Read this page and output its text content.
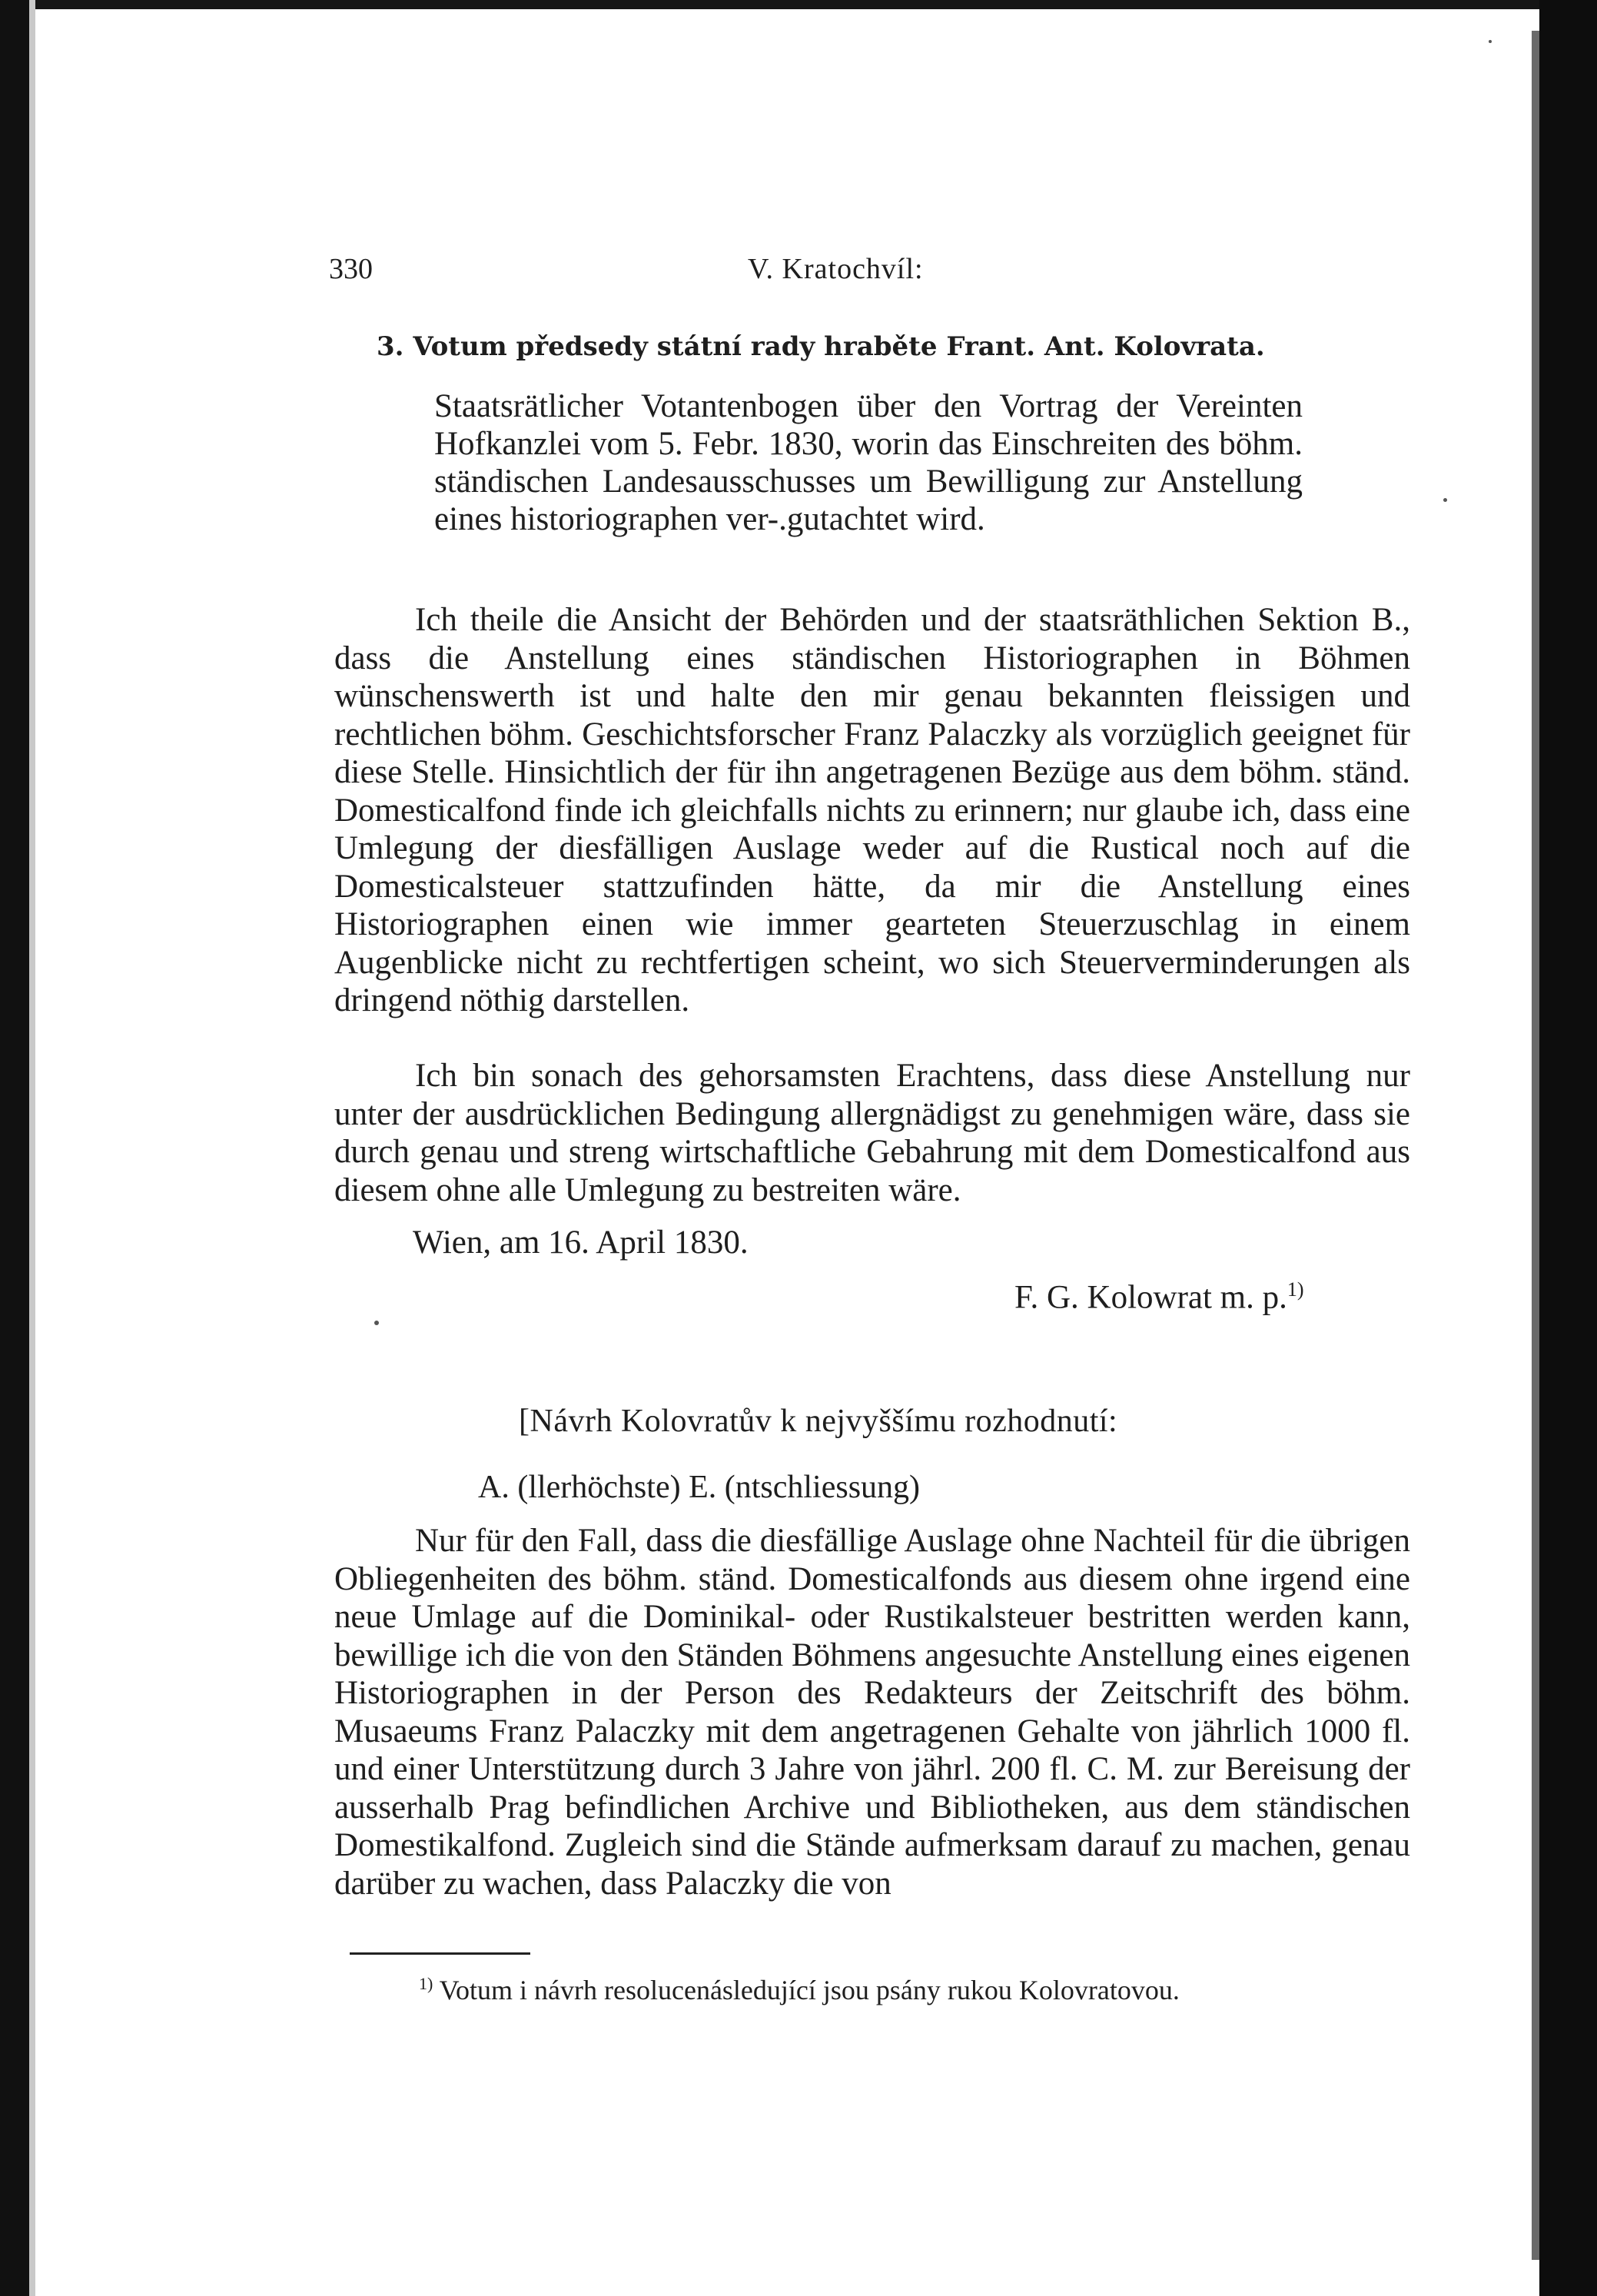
330	V. Kratochvíl:
3. Votum předsedy státní rady hraběte Frant. Ant. Kolovrata.
Staatsrätlicher Votantenbogen über den Vortrag der Vereinten Hofkanzlei vom 5. Febr. 1830, worin das Einschreiten des böhm. ständischen Landesausschusses um Bewilligung zur Anstellung eines historiographen ver-.gutachtet wird.

Ich theile die Ansicht der Behörden und der staatsräthlichen Sektion B., dass die Anstellung eines ständischen Historiographen in Böhmen wünschenswerth ist und halte den mir genau bekannten fleissigen und rechtlichen böhm. Geschichtsforscher Franz Palaczky als vorzüglich geeignet für diese Stelle. Hinsichtlich der für ihn angetragenen Bezüge aus dem böhm. ständ. Domesticalfond finde ich gleichfalls nichts zu erinnern; nur glaube ich, dass eine Umlegung der diesfälligen Auslage weder auf die Rustical noch auf die Domesticalsteuer stattzufinden hätte, da mir die Anstellung eines Historiographen einen wie immer gearteten Steuerzuschlag in einem Augenblicke nicht zu rechtfertigen scheint, wo sich Steuerverminderungen als dringend nöthig darstellen.

Ich bin sonach des gehorsamsten Erachtens, dass diese Anstellung nur unter der ausdrücklichen Bedingung allergnädigst zu genehmigen wäre, dass sie durch genau und streng wirtschaftliche Gebahrung mit dem Domesticalfond aus diesem ohne alle Umlegung zu bestreiten wäre.

Wien, am 16. April 1830.
F. G. Kolowrat m. p.$^{1)}$
[Návrh Kolovratův k nejvyššímu rozhodnutí:
A. (llerhöchste) E. (ntschliessung)

Nur für den Fall, dass die diesfällige Auslage ohne Nachteil für die übrigen Obliegenheiten des böhm. ständ. Domesticalfonds aus diesem ohne irgend eine neue Umlage auf die Dominikal- oder Rustikalsteuer bestritten werden kann, bewillige ich die von den Ständen Böhmens angesuchte Anstellung eines eigenen Historiographen in der Person des Redakteurs der Zeitschrift des böhm. Musaeums Franz Palaczky mit dem angetragenen Gehalte von jährlich 1000 fl. und einer Unterstützung durch 3 Jahre von jährl. 200 fl. C. M. zur Bereisung der ausserhalb Prag befindlichen Archive und Bibliotheken, aus dem ständischen Domestikalfond. Zugleich sind die Stände aufmerksam darauf zu machen, genau darüber zu wachen, dass Palaczky die von

$^{1)}$ Votum i návrh resolucenásledující jsou psány rukou Kolovratovou.
